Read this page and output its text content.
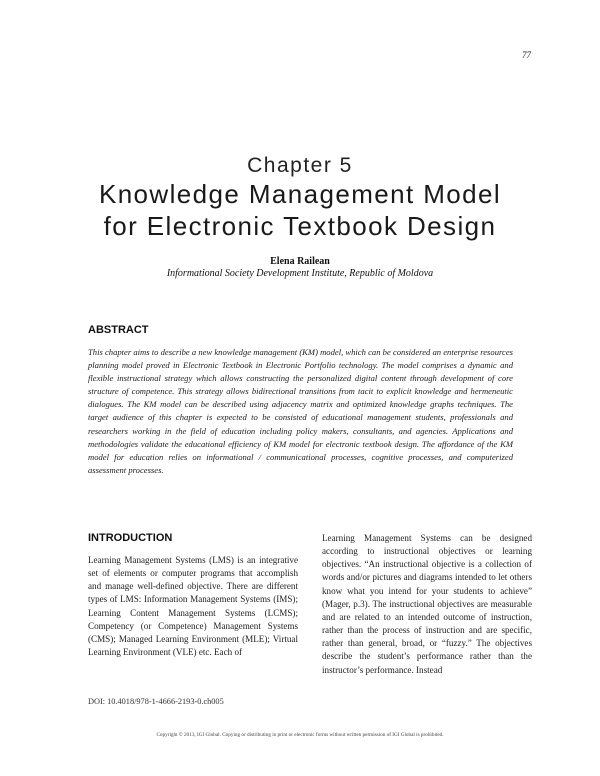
77
Chapter 5
Knowledge Management Model
for Electronic Textbook Design
Elena Railean
Informational Society Development Institute, Republic of Moldova
ABSTRACT
This chapter aims to describe a new knowledge management (KM) model, which can be considered an enterprise resources planning model proved in Electronic Textbook in Electronic Portfolio technology. The model comprises a dynamic and flexible instructional strategy which allows constructing the personalized digital content through development of core structure of competence. This strategy allows bidirectional transitions from tacit to explicit knowledge and hermeneutic dialogues. The KM model can be described using adjacency matrix and optimized knowledge graphs techniques. The target audience of this chapter is expected to be consisted of educational management students, professionals and researchers working in the field of education including policy makers, consultants, and agencies. Applications and methodologies validate the educational efficiency of KM model for electronic textbook design. The affordance of the KM model for education relies on informational / communicational processes, cognitive processes, and computerized assessment processes.
INTRODUCTION
Learning Management Systems (LMS) is an integrative set of elements or computer programs that accomplish and manage well-defined objective. There are different types of LMS: Information Management Systems (IMS); Learning Content Management Systems (LCMS); Competency (or Competence) Management Systems (CMS); Managed Learning Environment (MLE); Virtual Learning Environment (VLE) etc. Each of
Learning Management Systems can be designed according to instructional objectives or learning objectives. “An instructional objective is a collection of words and/or pictures and diagrams intended to let others know what you intend for your students to achieve” (Mager, p.3). The instructional objectives are measurable and are related to an intended outcome of instruction, rather than the process of instruction and are specific, rather than general, broad, or “fuzzy.” The objectives describe the student’s performance rather than the instructor’s performance. Instead
DOI: 10.4018/978-1-4666-2193-0.ch005
Copyright © 2013, IGI Global. Copying or distributing in print or electronic forms without written permission of IGI Global is prohibited.
